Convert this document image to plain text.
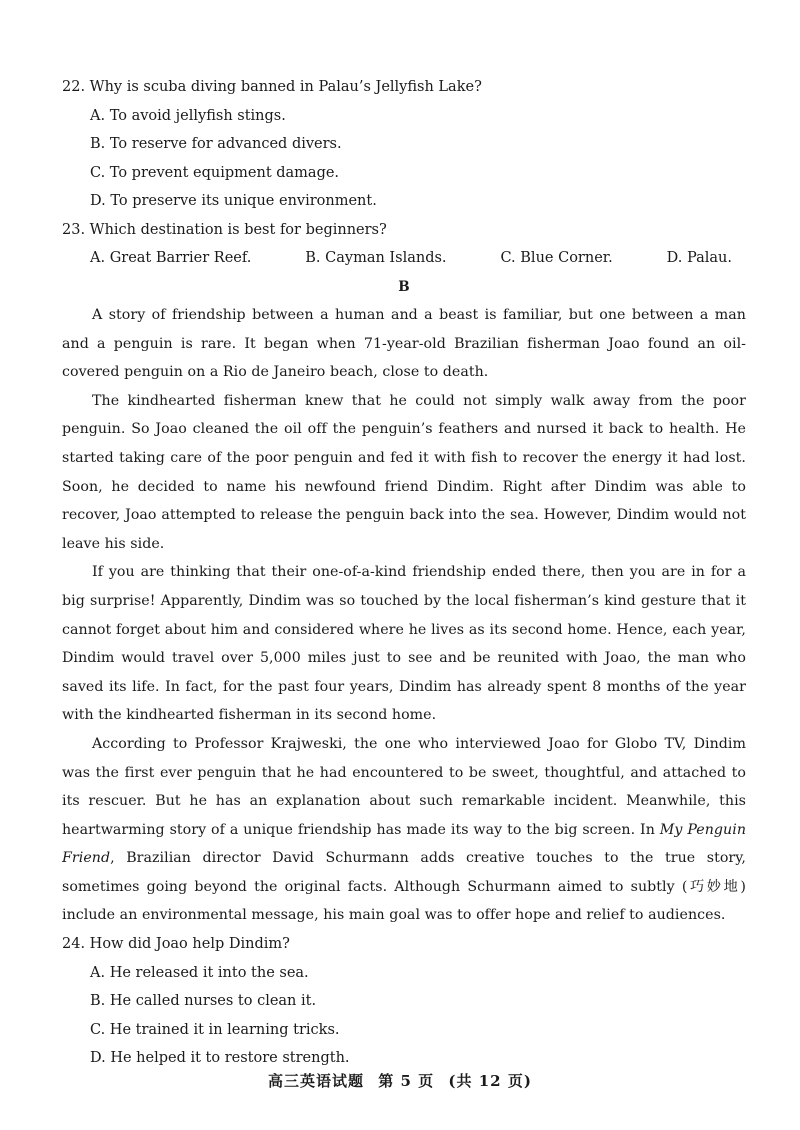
22. Why is scuba diving banned in Palau’s Jellyfish Lake?
A. To avoid jellyfish stings.
B. To reserve for advanced divers.
C. To prevent equipment damage.
D. To preserve its unique environment.
23. Which destination is best for beginners?
A. Great Barrier Reef.	B. Cayman Islands.	C. Blue Corner.	D. Palau.
B

A story of friendship between a human and a beast is familiar, but one between a man and a penguin is rare. It began when 71-year-old Brazilian fisherman Joao found an oil-covered penguin on a Rio de Janeiro beach, close to death.

The kindhearted fisherman knew that he could not simply walk away from the poor penguin. So Joao cleaned the oil off the penguin’s feathers and nursed it back to health. He started taking care of the poor penguin and fed it with fish to recover the energy it had lost. Soon, he decided to name his newfound friend Dindim. Right after Dindim was able to recover, Joao attempted to release the penguin back into the sea. However, Dindim would not leave his side.

If you are thinking that their one-of-a-kind friendship ended there, then you are in for a big surprise! Apparently, Dindim was so touched by the local fisherman’s kind gesture that it cannot forget about him and considered where he lives as its second home. Hence, each year, Dindim would travel over 5,000 miles just to see and be reunited with Joao, the man who saved its life. In fact, for the past four years, Dindim has already spent 8 months of the year with the kindhearted fisherman in its second home.

According to Professor Krajweski, the one who interviewed Joao for Globo TV, Dindim was the first ever penguin that he had encountered to be sweet, thoughtful, and attached to its rescuer. But he has an explanation about such remarkable incident. Meanwhile, this heartwarming story of a unique friendship has made its way to the big screen. In My Penguin Friend, Brazilian director David Schurmann adds creative touches to the true story, sometimes going beyond the original facts. Although Schurmann aimed to subtly (巧妙地) include an environmental message, his main goal was to offer hope and relief to audiences.

24. How did Joao help Dindim?
A. He released it into the sea.
B. He called nurses to clean it.
C. He trained it in learning tricks.
D. He helped it to restore strength.
高三英语试题 第 5 页 (共 12 页)
